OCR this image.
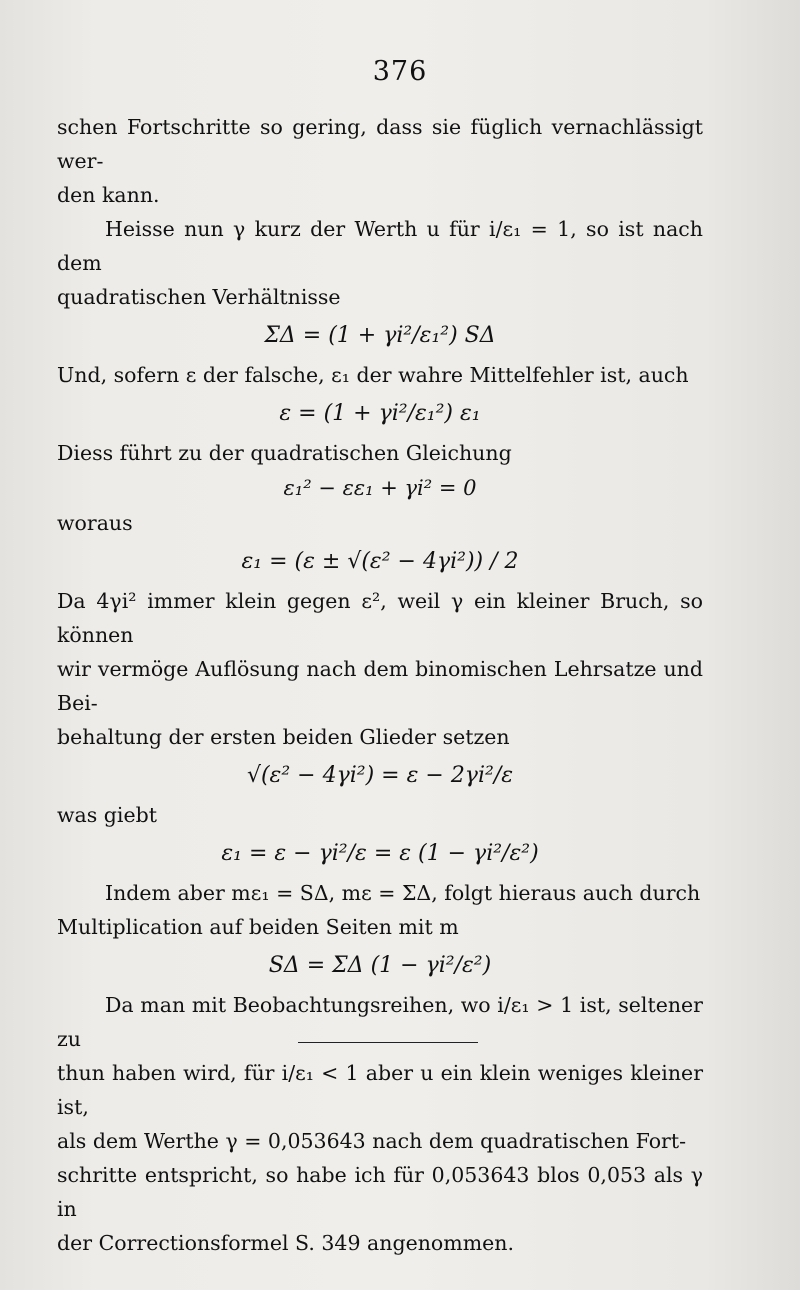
376

schen Fortschritte so gering, dass sie füglich vernachlässigt wer-

den kann.

Heisse nun γ kurz der Werth u für i/ε₁ = 1, so ist nach dem

quadratischen Verhältnisse

ΣΔ = (1 + γi²/ε₁²) SΔ

Und, sofern ε der falsche, ε₁ der wahre Mittelfehler ist, auch

ε = (1 + γi²/ε₁²) ε₁

Diess führt zu der quadratischen Gleichung

ε₁² − εε₁ + γi² = 0
woraus
ε₁ = (ε ± √(ε² − 4γi²)) / 2

Da 4γi² immer klein gegen ε², weil γ ein kleiner Bruch, so können

wir vermöge Auflösung nach dem binomischen Lehrsatze und Bei-

behaltung der ersten beiden Glieder setzen

√(ε² − 4γi²) = ε − 2γi²/ε
was giebt
ε₁ = ε − γi²/ε = ε (1 − γi²/ε²)

Indem aber mε₁ = SΔ, mε = ΣΔ, folgt hieraus auch durch

Multiplication auf beiden Seiten mit m

SΔ = ΣΔ (1 − γi²/ε²)

Da man mit Beobachtungsreihen, wo i/ε₁ > 1 ist, seltener zu

thun haben wird, für i/ε₁ < 1 aber u ein klein weniges kleiner ist,

als dem Werthe γ = 0,053643 nach dem quadratischen Fort-

schritte entspricht, so habe ich für 0,053643 blos 0,053 als γ in

der Correctionsformel S. 349 angenommen.
